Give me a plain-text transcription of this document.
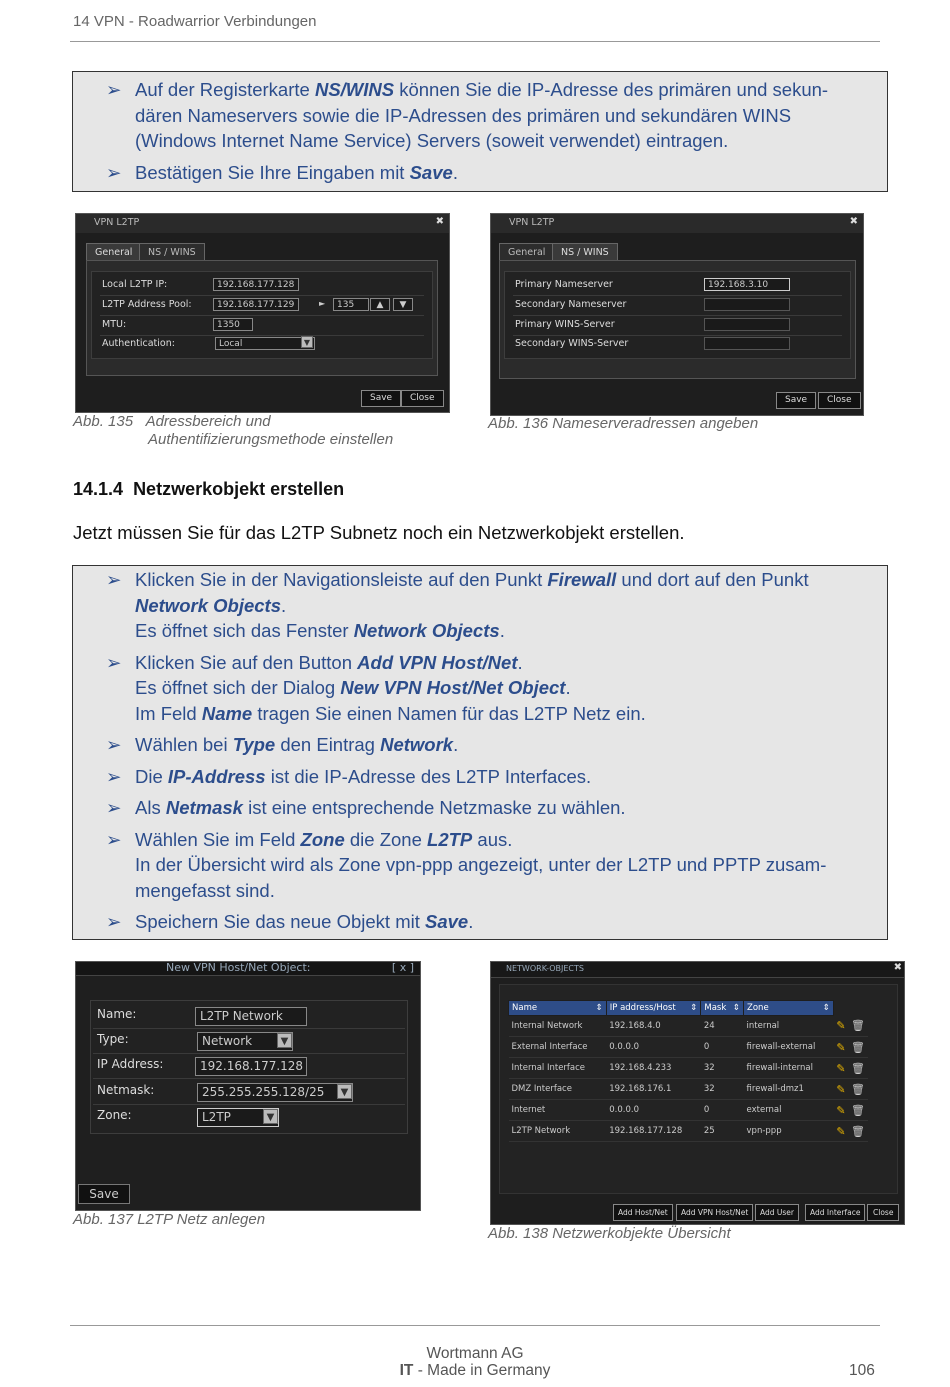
14 VPN - Roadwarrior Verbindungen
➢ Auf der Registerkarte NS/WINS können Sie die IP-Adresse des primären und sekun-
dären Nameservers sowie die IP-Adressen des primären und sekundären WINS
(Windows Internet Name Service) Servers (soweit verwendet) eintragen.
➢ Bestätigen Sie Ihre Eingaben mit Save.
VPN L2TP	✖
General	NS / WINS
Local L2TP IP:	192.168.177.128
L2TP Address Pool:	192.168.177.129	►	135	▲	▼
MTU:	1350
Authentication:	Local	▼
Save	Close
Abb. 135 Adressbereich und
Authentifizierungsmethode einstellen
VPN L2TP	✖
General	NS / WINS
Primary Nameserver	192.168.3.10
Secondary Nameserver
Primary WINS-Server
Secondary WINS-Server
Save	Close
Abb. 136 Nameserveradressen angeben
14.1.4 Netzwerkobjekt erstellen
Jetzt müssen Sie für das L2TP Subnetz noch ein Netzwerkobjekt erstellen.
➢ Klicken Sie in der Navigationsleiste auf den Punkt Firewall und dort auf den Punkt
Network Objects.
Es öffnet sich das Fenster Network Objects.
➢ Klicken Sie auf den Button Add VPN Host/Net.
Es öffnet sich der Dialog New VPN Host/Net Object.
Im Feld Name tragen Sie einen Namen für das L2TP Netz ein.
➢ Wählen bei Type den Eintrag Network.
➢ Die IP-Address ist die IP-Adresse des L2TP Interfaces.
➢ Als Netmask ist eine entsprechende Netzmaske zu wählen.
➢ Wählen Sie im Feld Zone die Zone L2TP aus.
In der Übersicht wird als Zone vpn-ppp angezeigt, unter der L2TP und PPTP zusam-
mengefasst sind.
➢ Speichern Sie das neue Objekt mit Save.
New VPN Host/Net Object:	[ x ]
Name:	L2TP Network
Type:	Network	▼
IP Address:	192.168.177.128
Netmask:	255.255.255.128/25	▼
Zone:	L2TP	▼
Save
Abb. 137 L2TP Netz anlegen
NETWORK-OBJECTS	✖
Name ⇕	IP address/Host ⇕	Mask ⇕	Zone ⇕	

Internal Network	192.168.4.0	24	internal	✎ 🗑
External Interface	0.0.0.0	0	firewall-external	✎ 🗑
Internal Interface	192.168.4.233	32	firewall-internal	✎ 🗑
DMZ Interface	192.168.176.1	32	firewall-dmz1	✎ 🗑
Internet	0.0.0.0	0	external	✎ 🗑
L2TP Network	192.168.177.128	25	vpn-ppp	✎ 🗑
Add Host/Net	Add VPN Host/Net	Add User	Add Interface	Close
Abb. 138 Netzwerkobjekte Übersicht
Wortmann AG
IT - Made in Germany	106
